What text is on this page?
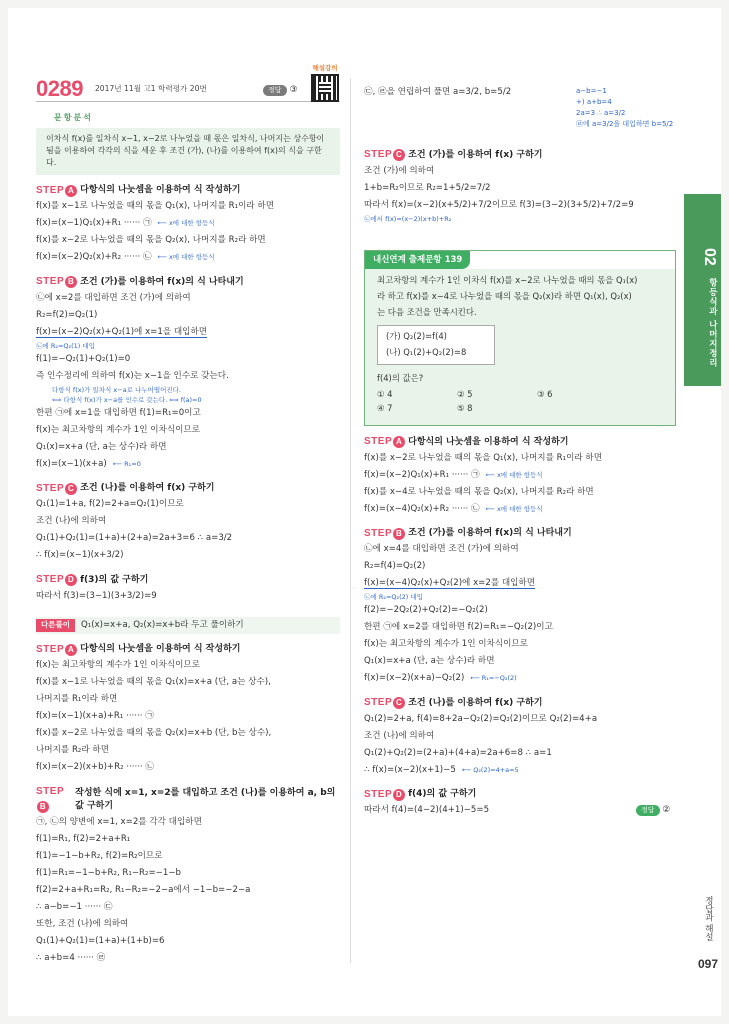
0289 2017년 11월 고1 학력평가 20번	정답 ③
해설강의
문항분석
이차식 f(x)를 일차식 x−1, x−2로 나누었을 때 몫은 일차식, 나머지는 상수항이 됨을 이용하여 각각의 식을 세운 후 조건 (가), (나)를 이용하여 f(x)의 식을 구한다.
STEP A 다항식의 나눗셈을 이용하여 식 작성하기
f(x)를 x−1로 나누었을 때의 몫을 Q₁(x), 나머지를 R₁이라 하면
f(x)=(x−1)Q₁(x)+R₁ ······ ㉠ ⟵ x에 대한 항등식
f(x)를 x−2로 나누었을 때의 몫을 Q₂(x), 나머지를 R₂라 하면
f(x)=(x−2)Q₂(x)+R₂ ······ ㉡ ⟵ x에 대한 항등식
STEP B 조건 (가)를 이용하여 f(x)의 식 나타내기
㉡에 x=2를 대입하면 조건 (가)에 의하여
R₂=f(2)=Q₂(1)
f(x)=(x−2)Q₂(x)+Q₂(1)에 x=1을 대입하면
㉡에 R₂=Q₂(1) 대입
f(1)=−Q₂(1)+Q₂(1)=0
즉 인수정리에 의하여 f(x)는 x−1을 인수로 갖는다.
다항식 f(x)가 일차식 x−a로 나누어떨어진다.
⟺ 다항식 f(x)가 x−a를 인수로 갖는다. ⟺ f(a)=0
한편 ㉠에 x=1을 대입하면 f(1)=R₁=0이고
f(x)는 최고차항의 계수가 1인 이차식이므로
Q₁(x)=x+a (단, a는 상수)라 하면
f(x)=(x−1)(x+a) ⟵ R₁=0
STEP C 조건 (나)를 이용하여 f(x) 구하기
Q₁(1)=1+a, f(2)=2+a=Q₂(1)이므로
조건 (나)에 의하여
Q₁(1)+Q₂(1)=(1+a)+(2+a)=2a+3=6 ∴ a=3/2
∴ f(x)=(x−1)(x+3/2)
STEP D f(3)의 값 구하기
따라서 f(3)=(3−1)(3+3/2)=9
다른풀이	Q₁(x)=x+a, Q₂(x)=x+b라 두고 풀이하기
STEP A 다항식의 나눗셈을 이용하여 식 작성하기
f(x)는 최고차항의 계수가 1인 이차식이므로
f(x)를 x−1로 나누었을 때의 몫을 Q₁(x)=x+a (단, a는 상수),
나머지를 R₁이라 하면
f(x)=(x−1)(x+a)+R₁ ······ ㉠
f(x)를 x−2로 나누었을 때의 몫을 Q₂(x)=x+b (단, b는 상수),
나머지를 R₂라 하면
f(x)=(x−2)(x+b)+R₂ ······ ㉡
STEPB
작성한 식에 x=1, x=2를 대입하고 조건 (나)를 이용하여 a, b의 값 구하기
㉠, ㉡의 양변에 x=1, x=2를 각각 대입하면
f(1)=R₁, f(2)=2+a+R₁
f(1)=−1−b+R₂, f(2)=R₂이므로
f(1)=R₁=−1−b+R₂, R₁−R₂=−1−b
f(2)=2+a+R₁=R₂, R₁−R₂=−2−a에서 −1−b=−2−a
∴ a−b=−1 ······ ㉢
또한, 조건 (나)에 의하여
Q₁(1)+Q₂(1)=(1+a)+(1+b)=6
∴ a+b=4 ······ ㉣
㉢, ㉣을 연립하여 풀면 a=3/2, b=5/2
STEP C 조건 (가)를 이용하여 f(x) 구하기
조건 (가)에 의하여
1+b=R₂이므로 R₂=1+5/2=7/2
따라서 f(x)=(x−2)(x+5/2)+7/2이므로 f(3)=(3−2)(3+5/2)+7/2=9
㉡에서 f(x)=(x−2)(x+b)+R₂
내신연계 출제문항 139
최고차항의 계수가 1인 이차식 f(x)를 x−2로 나누었을 때의 몫을 Q₁(x)
라 하고 f(x)를 x−4로 나누었을 때의 몫을 Q₂(x)라 하면 Q₁(x), Q₂(x)
는 다음 조건을 만족시킨다.
(가) Q₂(2)=f(4)
(나) Q₁(2)+Q₂(2)=8
f(4)의 값은?
① 4	② 5	③ 6
④ 7	⑤ 8
STEP A 다항식의 나눗셈을 이용하여 식 작성하기
f(x)를 x−2로 나누었을 때의 몫을 Q₁(x), 나머지를 R₁이라 하면
f(x)=(x−2)Q₁(x)+R₁ ······ ㉠ ⟵ x에 대한 항등식
f(x)를 x−4로 나누었을 때의 몫을 Q₂(x), 나머지를 R₂라 하면
f(x)=(x−4)Q₂(x)+R₂ ······ ㉡ ⟵ x에 대한 항등식
STEP B 조건 (가)를 이용하여 f(x)의 식 나타내기
㉡에 x=4를 대입하면 조건 (가)에 의하여
R₂=f(4)=Q₂(2)
f(x)=(x−4)Q₂(x)+Q₂(2)에 x=2를 대입하면
㉡에 R₂=Q₂(2) 대입
f(2)=−2Q₂(2)+Q₂(2)=−Q₂(2)
한편 ㉠에 x=2를 대입하면 f(2)=R₁=−Q₂(2)이고
f(x)는 최고차항의 계수가 1인 이차식이므로
Q₁(x)=x+a (단, a는 상수)라 하면
f(x)=(x−2)(x+a)−Q₂(2) ⟵ R₁=−Q₂(2)
STEP C 조건 (나)를 이용하여 f(x) 구하기
Q₁(2)=2+a, f(4)=8+2a−Q₂(2)=Q₂(2)이므로 Q₂(2)=4+a
조건 (나)에 의하여
Q₁(2)+Q₂(2)=(2+a)+(4+a)=2a+6=8 ∴ a=1
∴ f(x)=(x−2)(x+1)−5 ⟵ Q₂(2)=4+a=5
STEP D f(4)의 값 구하기
따라서 f(4)=(4−2)(4+1)−5=5	정답 ②
a−b=−1
+) a+b=4
2a=3 ∴ a=3/2
㉣에 a=3/2을 대입하면 b=5/2
02
항등식과 나머지정리
정답과 해설
097
